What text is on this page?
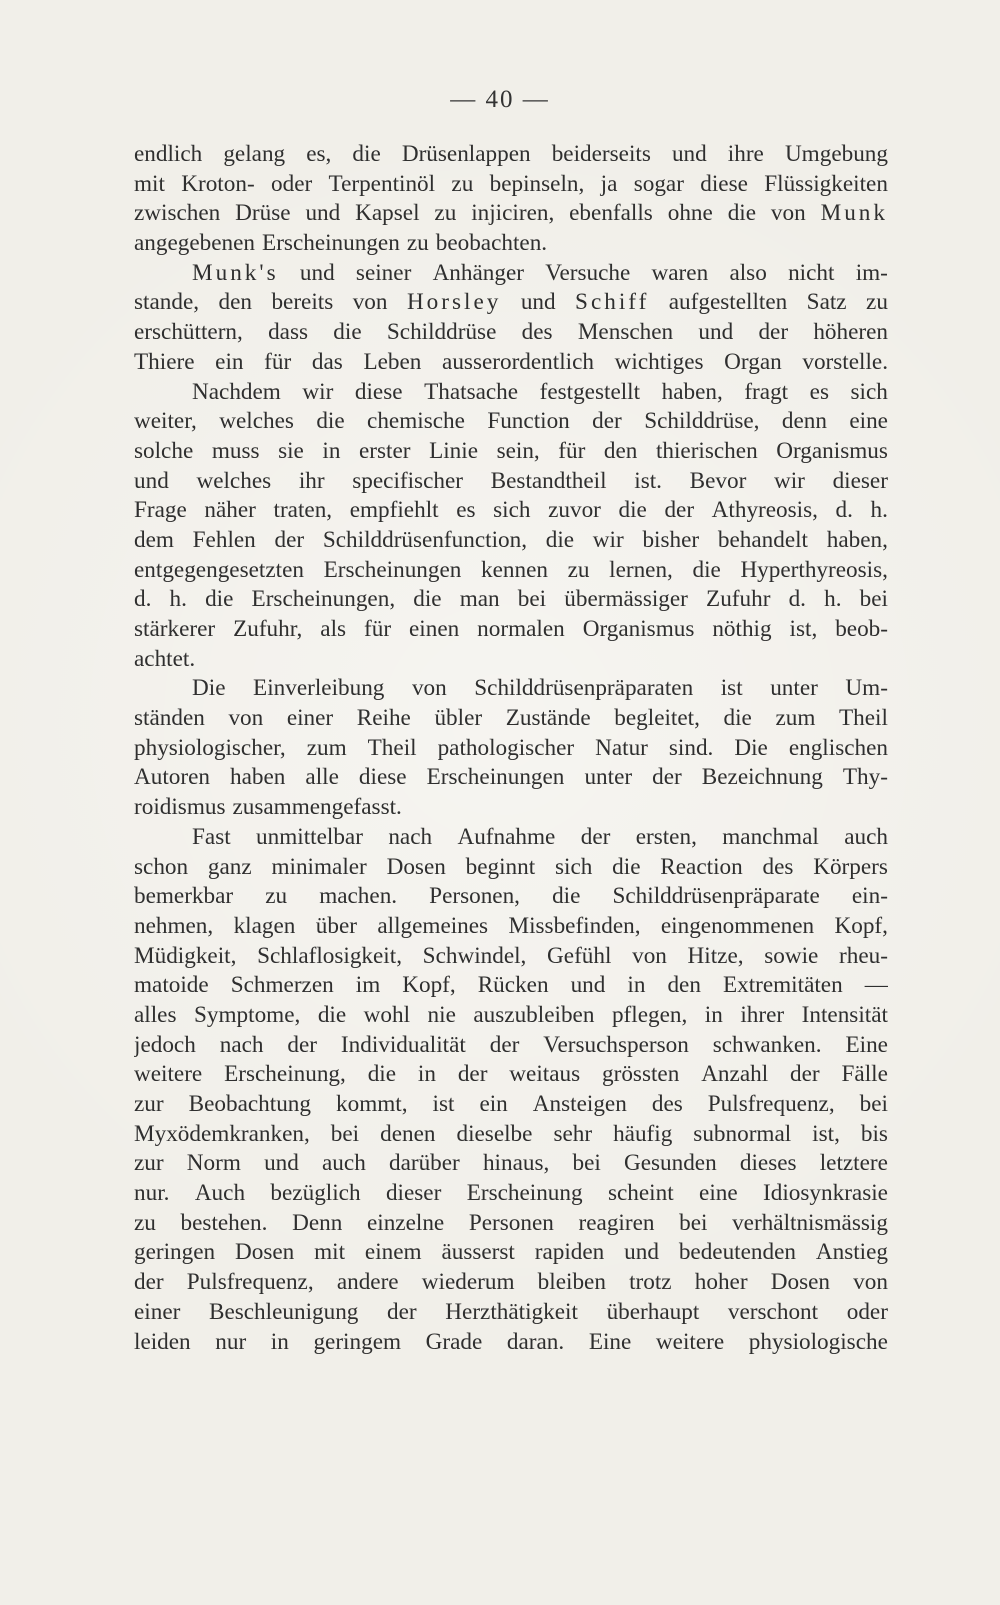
— 40 —
endlich gelang es, die Drüsenlappen beiderseits und ihre Umgebung
mit Kroton- oder Terpentinöl zu bepinseln, ja sogar diese Flüssigkeiten
zwischen Drüse und Kapsel zu injiciren, ebenfalls ohne die von Munk
angegebenen Erscheinungen zu beobachten.
Munk's und seiner Anhänger Versuche waren also nicht im-
stande, den bereits von Horsley und Schiff aufgestellten Satz zu
erschüttern, dass die Schilddrüse des Menschen und der höheren
Thiere ein für das Leben ausserordentlich wichtiges Organ vorstelle.
Nachdem wir diese Thatsache festgestellt haben, fragt es sich
weiter, welches die chemische Function der Schilddrüse, denn eine
solche muss sie in erster Linie sein, für den thierischen Organismus
und welches ihr specifischer Bestandtheil ist. Bevor wir dieser
Frage näher traten, empfiehlt es sich zuvor die der Athyreosis, d. h.
dem Fehlen der Schilddrüsenfunction, die wir bisher behandelt haben,
entgegengesetzten Erscheinungen kennen zu lernen, die Hyperthyreosis,
d. h. die Erscheinungen, die man bei übermässiger Zufuhr d. h. bei
stärkerer Zufuhr, als für einen normalen Organismus nöthig ist, beob-
achtet.
Die Einverleibung von Schilddrüsenpräparaten ist unter Um-
ständen von einer Reihe übler Zustände begleitet, die zum Theil
physiologischer, zum Theil pathologischer Natur sind. Die englischen
Autoren haben alle diese Erscheinungen unter der Bezeichnung Thy-
roidismus zusammengefasst.
Fast unmittelbar nach Aufnahme der ersten, manchmal auch
schon ganz minimaler Dosen beginnt sich die Reaction des Körpers
bemerkbar zu machen. Personen, die Schilddrüsenpräparate ein-
nehmen, klagen über allgemeines Missbefinden, eingenommenen Kopf,
Müdigkeit, Schlaflosigkeit, Schwindel, Gefühl von Hitze, sowie rheu-
matoide Schmerzen im Kopf, Rücken und in den Extremitäten —
alles Symptome, die wohl nie auszubleiben pflegen, in ihrer Intensität
jedoch nach der Individualität der Versuchsperson schwanken. Eine
weitere Erscheinung, die in der weitaus grössten Anzahl der Fälle
zur Beobachtung kommt, ist ein Ansteigen des Pulsfrequenz, bei
Myxödemkranken, bei denen dieselbe sehr häufig subnormal ist, bis
zur Norm und auch darüber hinaus, bei Gesunden dieses letztere
nur. Auch bezüglich dieser Erscheinung scheint eine Idiosynkrasie
zu bestehen. Denn einzelne Personen reagiren bei verhältnismässig
geringen Dosen mit einem äusserst rapiden und bedeutenden Anstieg
der Pulsfrequenz, andere wiederum bleiben trotz hoher Dosen von
einer Beschleunigung der Herzthätigkeit überhaupt verschont oder
leiden nur in geringem Grade daran. Eine weitere physiologische
